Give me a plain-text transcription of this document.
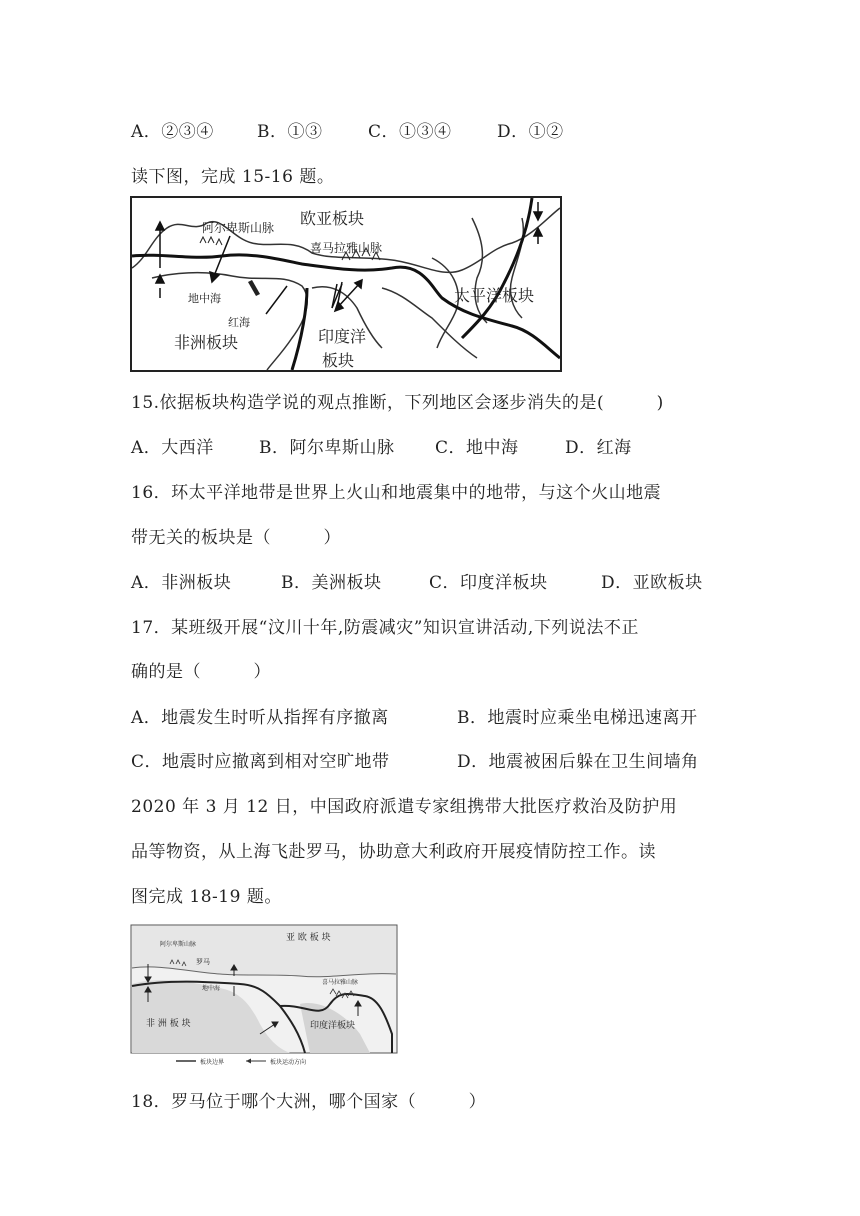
A．②③④	B．①③	C．①③④	D．①②
读下图，完成 15-16 题。
阿尔卑斯山脉 欧亚板块
喜马拉雅山脉
太平洋板块
地中海
红海
非洲板块	印度洋
板块
15.依据板块构造学说的观点推断，下列地区会逐步消失的是(　　　)
A．大西洋	B．阿尔卑斯山脉 C．地中海	D．红海
16．环太平洋地带是世界上火山和地震集中的地带，与这个火山地震
带无关的板块是（　　　）
A．非洲板块	B．美洲板块	C．印度洋板块	D．亚欧板块
17．某班级开展“汶川十年,防震减灾”知识宣讲活动,下列说法不正
确的是（　　　）
A．地震发生时听从指挥有序撤离	B．地震时应乘坐电梯迅速离开
C．地震时应撤离到相对空旷地带	D．地震被困后躲在卫生间墙角
2020 年 3 月 12 日，中国政府派遣专家组携带大批医疗救治及防护用
品等物资，从上海飞赴罗马，协助意大利政府开展疫情防控工作。读
图完成 18-19 题。
亚 欧 板 块
阿尔卑斯山脉
罗马
地中海
喜马拉雅山脉
非 洲 板 块	印度洋板块
板块边界	板块运动方向
18．罗马位于哪个大洲，哪个国家（　　　）
